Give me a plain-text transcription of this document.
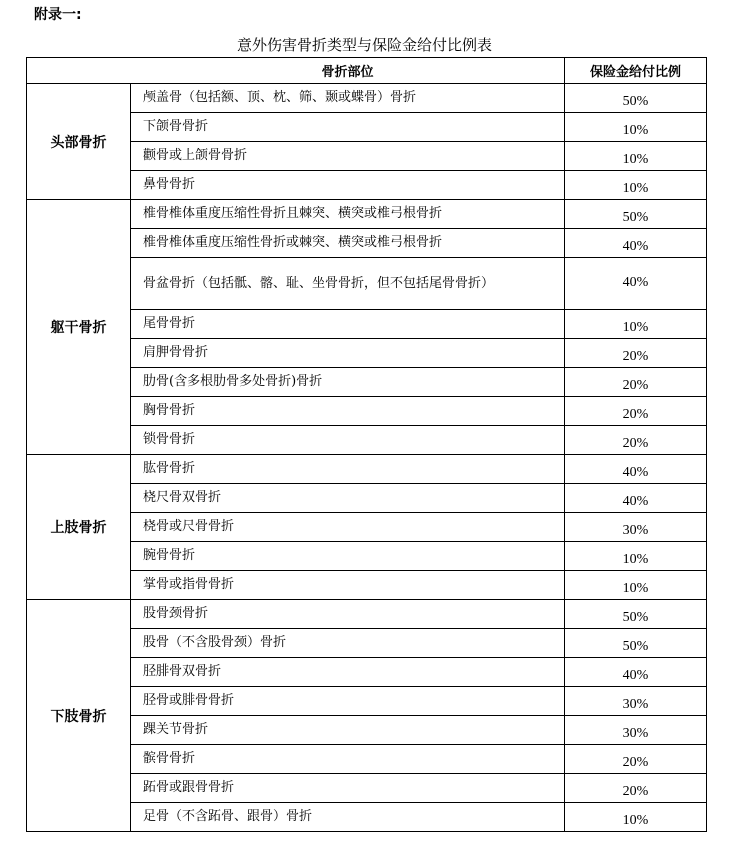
附录一:
意外伤害骨折类型与保险金给付比例表
骨折部位		保险金给付比例
头部骨折	颅盖骨（包括额、顶、枕、筛、颞或蝶骨）骨折	50%
	下颌骨骨折	10%
	颧骨或上颌骨骨折	10%
	鼻骨骨折	10%
躯干骨折	椎骨椎体重度压缩性骨折且棘突、横突或椎弓根骨折	50%
	椎骨椎体重度压缩性骨折或棘突、横突或椎弓根骨折	40%
	骨盆骨折（包括骶、髂、耻、坐骨骨折，但不包括尾骨骨折）	40%
	尾骨骨折	10%
	肩胛骨骨折	20%
	肋骨(含多根肋骨多处骨折)骨折	20%
	胸骨骨折	20%
	锁骨骨折	20%
上肢骨折	肱骨骨折	40%
	桡尺骨双骨折	40%
	桡骨或尺骨骨折	30%
	腕骨骨折	10%
	掌骨或指骨骨折	10%
下肢骨折	股骨颈骨折	50%
	股骨（不含股骨颈）骨折	50%
	胫腓骨双骨折	40%
	胫骨或腓骨骨折	30%
	踝关节骨折	30%
	髌骨骨折	20%
	跖骨或跟骨骨折	20%
	足骨（不含跖骨、跟骨）骨折	10%
